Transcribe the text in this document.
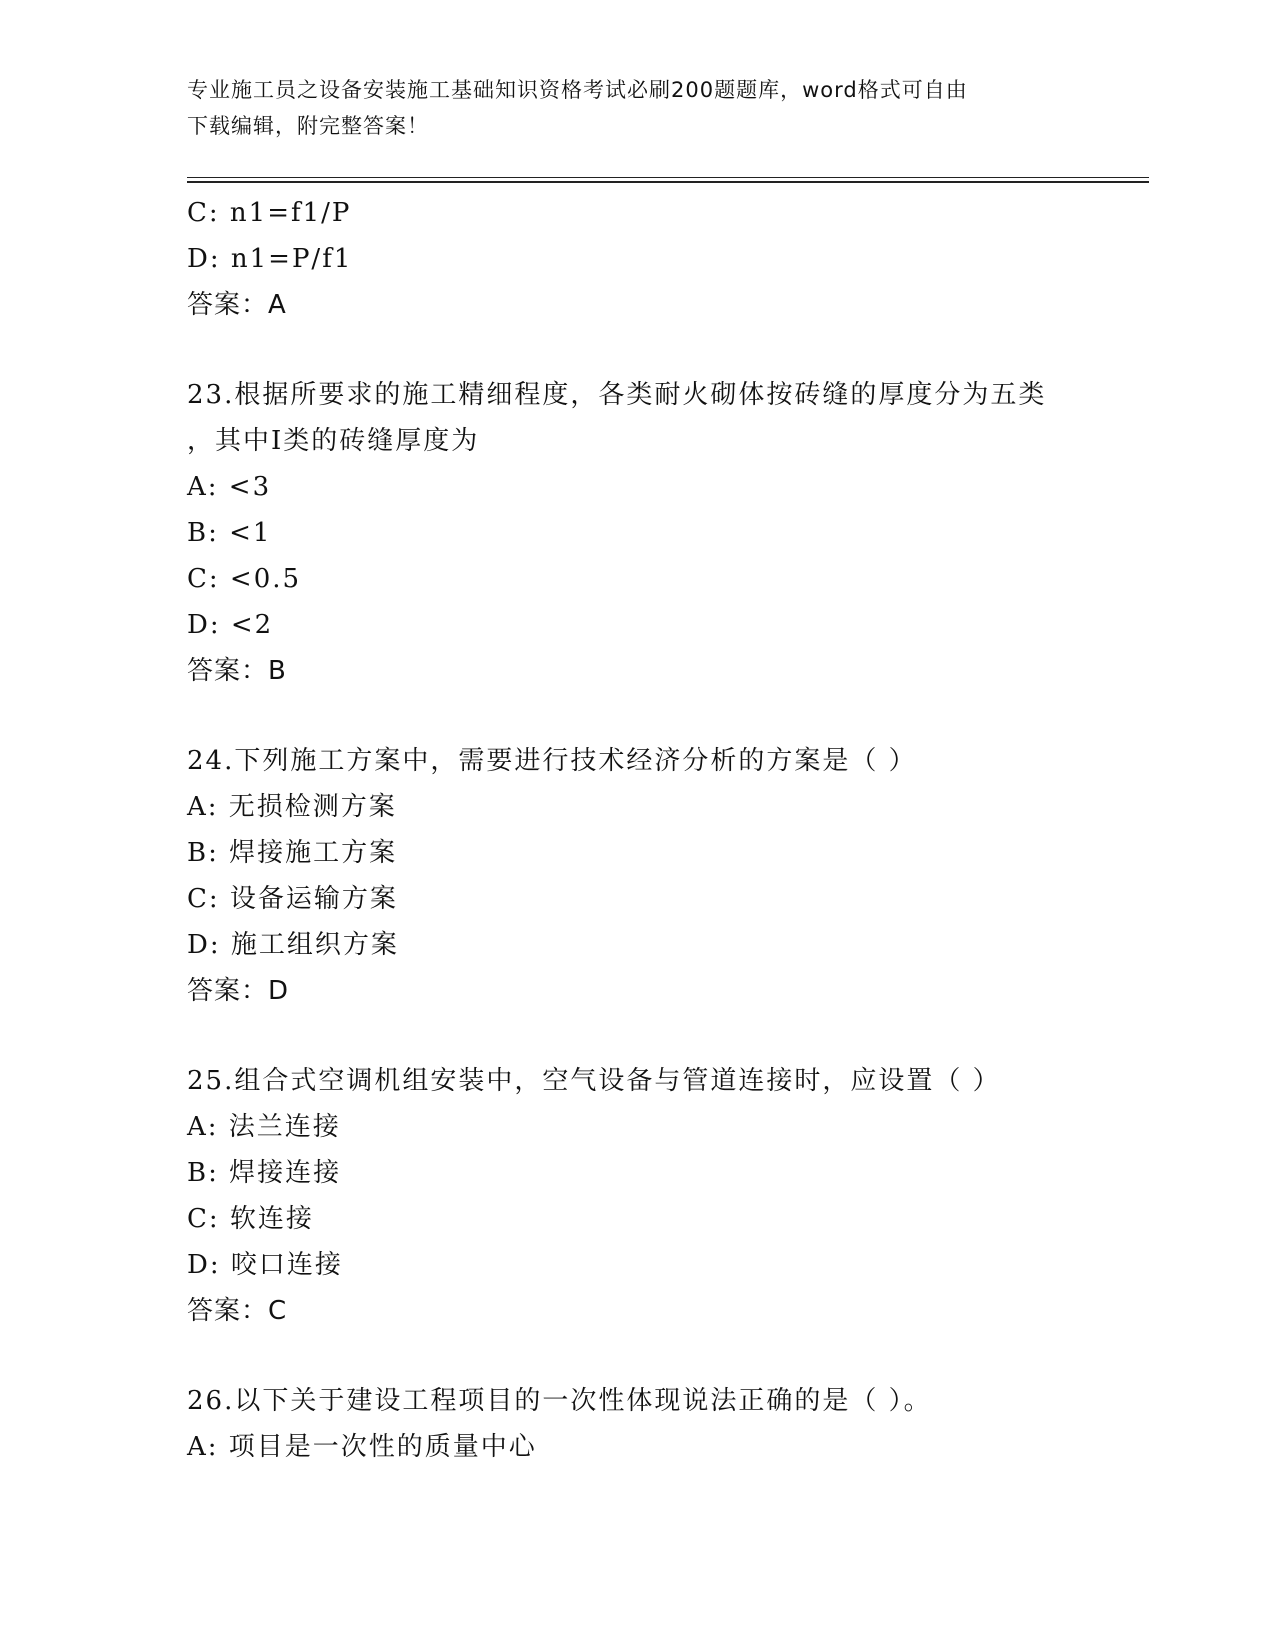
专业施工员之设备安装施工基础知识资格考试必刷200题题库，word格式可自由
下载编辑，附完整答案！
C: n1=f1/P
D: n1=P/f1
答案：A
23.根据所要求的施工精细程度，各类耐火砌体按砖缝的厚度分为五类
，其中Ⅰ类的砖缝厚度为
A: <3
B: <1
C: <0.5
D: <2
答案：B
24.下列施工方案中，需要进行技术经济分析的方案是（ ）
A: 无损检测方案
B: 焊接施工方案
C: 设备运输方案
D: 施工组织方案
答案：D
25.组合式空调机组安装中，空气设备与管道连接时，应设置（ ）
A: 法兰连接
B: 焊接连接
C: 软连接
D: 咬口连接
答案：C
26.以下关于建设工程项目的一次性体现说法正确的是（ ）。
A: 项目是一次性的质量中心
